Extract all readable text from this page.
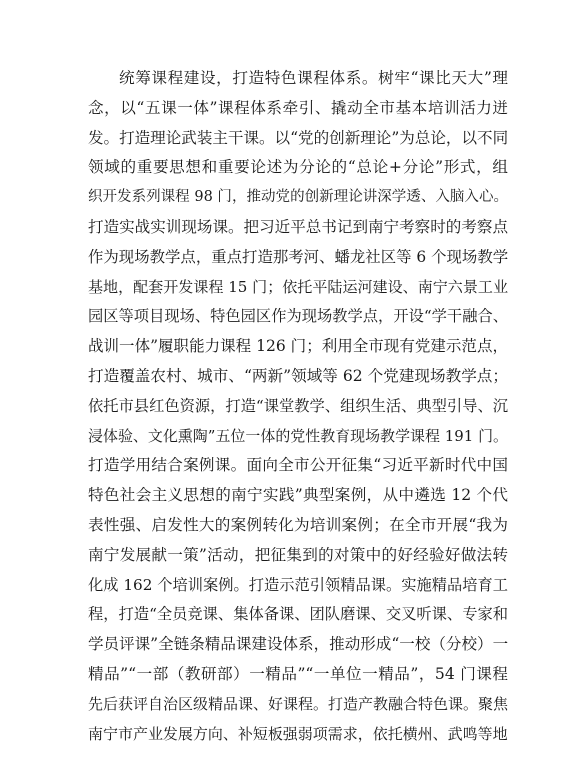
统筹课程建设，打造特色课程体系。树牢“课比天大”理
念，以“五课一体”课程体系牵引、撬动全市基本培训活力迸
发。打造理论武装主干课。以“党的创新理论”为总论，以不同
领域的重要思想和重要论述为分论的“总论+分论”形式，组
织开发系列课程 98 门，推动党的创新理论讲深学透、入脑入心。
打造实战实训现场课。把习近平总书记到南宁考察时的考察点
作为现场教学点，重点打造那考河、蟠龙社区等 6 个现场教学
基地，配套开发课程 15 门；依托平陆运河建设、南宁六景工业
园区等项目现场、特色园区作为现场教学点，开设“学干融合、
战训一体”履职能力课程 126 门；利用全市现有党建示范点，
打造覆盖农村、城市、“两新”领域等 62 个党建现场教学点；
依托市县红色资源，打造“课堂教学、组织生活、典型引导、沉
浸体验、文化熏陶”五位一体的党性教育现场教学课程 191 门。
打造学用结合案例课。面向全市公开征集“习近平新时代中国
特色社会主义思想的南宁实践”典型案例，从中遴选 12 个代
表性强、启发性大的案例转化为培训案例；在全市开展“我为
南宁发展献一策”活动，把征集到的对策中的好经验好做法转
化成 162 个培训案例。打造示范引领精品课。实施精品培育工
程，打造“全员竞课、集体备课、团队磨课、交叉听课、专家和
学员评课”全链条精品课建设体系，推动形成“一校（分校）一
精品”“一部（教研部）一精品”“一单位一精品”，54 门课程
先后获评自治区级精品课、好课程。打造产教融合特色课。聚焦
南宁市产业发展方向、补短板强弱项需求，依托横州、武鸣等地
